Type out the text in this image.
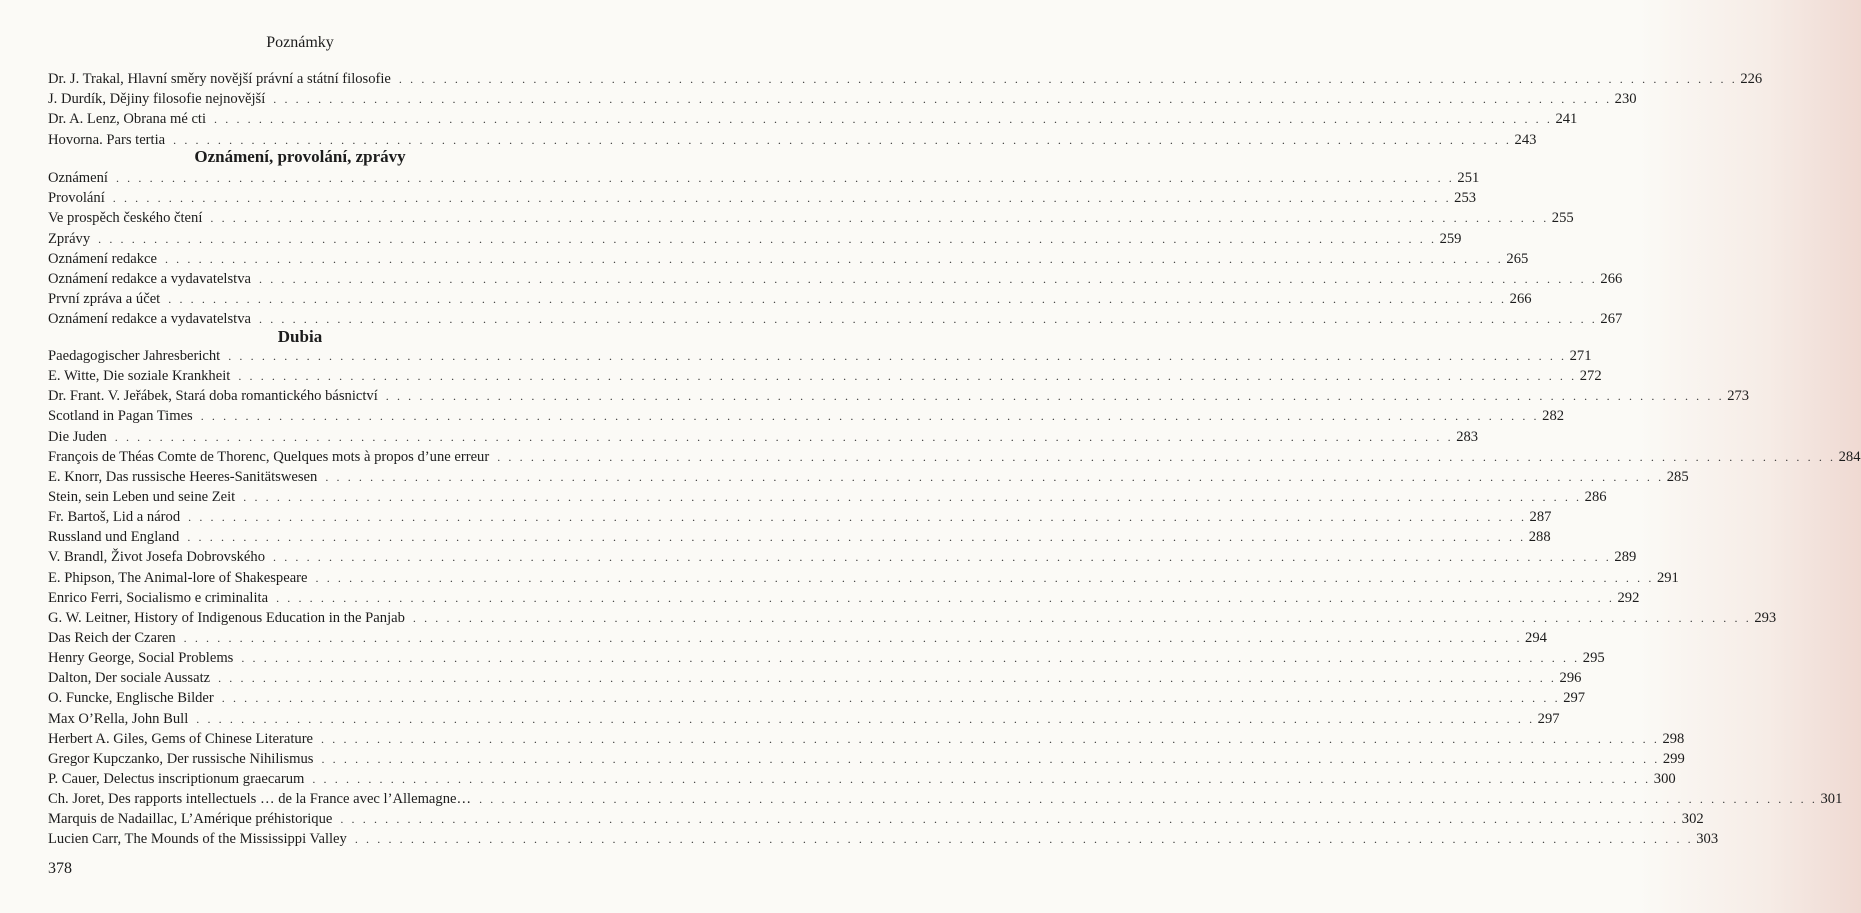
Poznámky
Dr. J. Trakal, Hlavní směry novější právní a státní filosofie . . . . . . . . . . . . . . . . . . . . . . . . . . . . . . . . . . . . . . . . . . . . . . . . . . . . . . . . . . . . . . . . . . . . . . . . . . . . . . . . . . . . . . . . . . . . . . . . . . . . . . . . . . . . . . . . . . . . . . . . 226
J. Durdík, Dějiny filosofie nejnovější . . . . . . . . . . . . . . . . . . . . . . . . . . . . . . . . . . . . . . . . . . . . . . . . . . . . . . . . . . . . . . . . . . . . . . . . . . . . . . . . . . . . . . . . . . . . . . . . . . . . . . . . . . . . . . . . . . . . . . . . 230
Dr. A. Lenz, Obrana mé cti . . . . . . . . . . . . . . . . . . . . . . . . . . . . . . . . . . . . . . . . . . . . . . . . . . . . . . . . . . . . . . . . . . . . . . . . . . . . . . . . . . . . . . . . . . . . . . . . . . . . . . . . . . . . . . . . . . . . . . . . 241
Hovorna. Pars tertia . . . . . . . . . . . . . . . . . . . . . . . . . . . . . . . . . . . . . . . . . . . . . . . . . . . . . . . . . . . . . . . . . . . . . . . . . . . . . . . . . . . . . . . . . . . . . . . . . . . . . . . . . . . . . . . . . . . . . . . . 243
Oznámení, provolání, zprávy
Oznámení . . . . . . . . . . . . . . . . . . . . . . . . . . . . . . . . . . . . . . . . . . . . . . . . . . . . . . . . . . . . . . . . . . . . . . . . . . . . . . . . . . . . . . . . . . . . . . . . . . . . . . . . . . . . . . . . . . . . . . . . 251
Provolání . . . . . . . . . . . . . . . . . . . . . . . . . . . . . . . . . . . . . . . . . . . . . . . . . . . . . . . . . . . . . . . . . . . . . . . . . . . . . . . . . . . . . . . . . . . . . . . . . . . . . . . . . . . . . . . . . . . . . . . . 253
Ve prospěch českého čtení . . . . . . . . . . . . . . . . . . . . . . . . . . . . . . . . . . . . . . . . . . . . . . . . . . . . . . . . . . . . . . . . . . . . . . . . . . . . . . . . . . . . . . . . . . . . . . . . . . . . . . . . . . . . . . . . . . . . . . . . 255
Zprávy . . . . . . . . . . . . . . . . . . . . . . . . . . . . . . . . . . . . . . . . . . . . . . . . . . . . . . . . . . . . . . . . . . . . . . . . . . . . . . . . . . . . . . . . . . . . . . . . . . . . . . . . . . . . . . . . . . . . . . . . 259
Oznámení redakce . . . . . . . . . . . . . . . . . . . . . . . . . . . . . . . . . . . . . . . . . . . . . . . . . . . . . . . . . . . . . . . . . . . . . . . . . . . . . . . . . . . . . . . . . . . . . . . . . . . . . . . . . . . . . . . . . . . . . . . . 265
Oznámení redakce a vydavatelstva . . . . . . . . . . . . . . . . . . . . . . . . . . . . . . . . . . . . . . . . . . . . . . . . . . . . . . . . . . . . . . . . . . . . . . . . . . . . . . . . . . . . . . . . . . . . . . . . . . . . . . . . . . . . . . . . . . . . . . . . 266
První zpráva a účet . . . . . . . . . . . . . . . . . . . . . . . . . . . . . . . . . . . . . . . . . . . . . . . . . . . . . . . . . . . . . . . . . . . . . . . . . . . . . . . . . . . . . . . . . . . . . . . . . . . . . . . . . . . . . . . . . . . . . . . . 266
Oznámení redakce a vydavatelstva . . . . . . . . . . . . . . . . . . . . . . . . . . . . . . . . . . . . . . . . . . . . . . . . . . . . . . . . . . . . . . . . . . . . . . . . . . . . . . . . . . . . . . . . . . . . . . . . . . . . . . . . . . . . . . . . . . . . . . . . 267
Dubia
Paedagogischer Jahresbericht . . . . . . . . . . . . . . . . . . . . . . . . . . . . . . . . . . . . . . . . . . . . . . . . . . . . . . . . . . . . . . . . . . . . . . . . . . . . . . . . . . . . . . . . . . . . . . . . . . . . . . . . . . . . . . . . . . . . . . . . 271
E. Witte, Die soziale Krankheit . . . . . . . . . . . . . . . . . . . . . . . . . . . . . . . . . . . . . . . . . . . . . . . . . . . . . . . . . . . . . . . . . . . . . . . . . . . . . . . . . . . . . . . . . . . . . . . . . . . . . . . . . . . . . . . . . . . . . . . . 272
Dr. Frant. V. Jeřábek, Stará doba romantického básnictví . . . . . . . . . . . . . . . . . . . . . . . . . . . . . . . . . . . . . . . . . . . . . . . . . . . . . . . . . . . . . . . . . . . . . . . . . . . . . . . . . . . . . . . . . . . . . . . . . . . . . . . . . . . . . . . . . . . . . . . . 273
Scotland in Pagan Times . . . . . . . . . . . . . . . . . . . . . . . . . . . . . . . . . . . . . . . . . . . . . . . . . . . . . . . . . . . . . . . . . . . . . . . . . . . . . . . . . . . . . . . . . . . . . . . . . . . . . . . . . . . . . . . . . . . . . . . . 282
Die Juden . . . . . . . . . . . . . . . . . . . . . . . . . . . . . . . . . . . . . . . . . . . . . . . . . . . . . . . . . . . . . . . . . . . . . . . . . . . . . . . . . . . . . . . . . . . . . . . . . . . . . . . . . . . . . . . . . . . . . . . . 283
François de Théas Comte de Thorenc, Quelques mots à propos d’une erreur . . . . . . . . . . . . . . . . . . . . . . . . . . . . . . . . . . . . . . . . . . . . . . . . . . . . . . . . . . . . . . . . . . . . . . . . . . . . . . . . . . . . . . . . . . . . . . . . . . . . . . . . . . . . . . . . . . . . . . . . 284
E. Knorr, Das russische Heeres-Sanitätswesen . . . . . . . . . . . . . . . . . . . . . . . . . . . . . . . . . . . . . . . . . . . . . . . . . . . . . . . . . . . . . . . . . . . . . . . . . . . . . . . . . . . . . . . . . . . . . . . . . . . . . . . . . . . . . . . . . . . . . . . . 285
Stein, sein Leben und seine Zeit . . . . . . . . . . . . . . . . . . . . . . . . . . . . . . . . . . . . . . . . . . . . . . . . . . . . . . . . . . . . . . . . . . . . . . . . . . . . . . . . . . . . . . . . . . . . . . . . . . . . . . . . . . . . . . . . . . . . . . . . 286
Fr. Bartoš, Lid a národ . . . . . . . . . . . . . . . . . . . . . . . . . . . . . . . . . . . . . . . . . . . . . . . . . . . . . . . . . . . . . . . . . . . . . . . . . . . . . . . . . . . . . . . . . . . . . . . . . . . . . . . . . . . . . . . . . . . . . . . . 287
Russland und England . . . . . . . . . . . . . . . . . . . . . . . . . . . . . . . . . . . . . . . . . . . . . . . . . . . . . . . . . . . . . . . . . . . . . . . . . . . . . . . . . . . . . . . . . . . . . . . . . . . . . . . . . . . . . . . . . . . . . . . . 288
V. Brandl, Život Josefa Dobrovského . . . . . . . . . . . . . . . . . . . . . . . . . . . . . . . . . . . . . . . . . . . . . . . . . . . . . . . . . . . . . . . . . . . . . . . . . . . . . . . . . . . . . . . . . . . . . . . . . . . . . . . . . . . . . . . . . . . . . . . . 289
E. Phipson, The Animal-lore of Shakespeare . . . . . . . . . . . . . . . . . . . . . . . . . . . . . . . . . . . . . . . . . . . . . . . . . . . . . . . . . . . . . . . . . . . . . . . . . . . . . . . . . . . . . . . . . . . . . . . . . . . . . . . . . . . . . . . . . . . . . . . . 291
Enrico Ferri, Socialismo e criminalita . . . . . . . . . . . . . . . . . . . . . . . . . . . . . . . . . . . . . . . . . . . . . . . . . . . . . . . . . . . . . . . . . . . . . . . . . . . . . . . . . . . . . . . . . . . . . . . . . . . . . . . . . . . . . . . . . . . . . . . . 292
G. W. Leitner, History of Indigenous Education in the Panjab . . . . . . . . . . . . . . . . . . . . . . . . . . . . . . . . . . . . . . . . . . . . . . . . . . . . . . . . . . . . . . . . . . . . . . . . . . . . . . . . . . . . . . . . . . . . . . . . . . . . . . . . . . . . . . . . . . . . . . . . 293
Das Reich der Czaren . . . . . . . . . . . . . . . . . . . . . . . . . . . . . . . . . . . . . . . . . . . . . . . . . . . . . . . . . . . . . . . . . . . . . . . . . . . . . . . . . . . . . . . . . . . . . . . . . . . . . . . . . . . . . . . . . . . . . . . . 294
Henry George, Social Problems . . . . . . . . . . . . . . . . . . . . . . . . . . . . . . . . . . . . . . . . . . . . . . . . . . . . . . . . . . . . . . . . . . . . . . . . . . . . . . . . . . . . . . . . . . . . . . . . . . . . . . . . . . . . . . . . . . . . . . . . 295
Dalton, Der sociale Aussatz . . . . . . . . . . . . . . . . . . . . . . . . . . . . . . . . . . . . . . . . . . . . . . . . . . . . . . . . . . . . . . . . . . . . . . . . . . . . . . . . . . . . . . . . . . . . . . . . . . . . . . . . . . . . . . . . . . . . . . . . 296
O. Funcke, Englische Bilder . . . . . . . . . . . . . . . . . . . . . . . . . . . . . . . . . . . . . . . . . . . . . . . . . . . . . . . . . . . . . . . . . . . . . . . . . . . . . . . . . . . . . . . . . . . . . . . . . . . . . . . . . . . . . . . . . . . . . . . . 297
Max O’Rella, John Bull . . . . . . . . . . . . . . . . . . . . . . . . . . . . . . . . . . . . . . . . . . . . . . . . . . . . . . . . . . . . . . . . . . . . . . . . . . . . . . . . . . . . . . . . . . . . . . . . . . . . . . . . . . . . . . . . . . . . . . . . 297
Herbert A. Giles, Gems of Chinese Literature . . . . . . . . . . . . . . . . . . . . . . . . . . . . . . . . . . . . . . . . . . . . . . . . . . . . . . . . . . . . . . . . . . . . . . . . . . . . . . . . . . . . . . . . . . . . . . . . . . . . . . . . . . . . . . . . . . . . . . . . 298
Gregor Kupczanko, Der russische Nihilismus . . . . . . . . . . . . . . . . . . . . . . . . . . . . . . . . . . . . . . . . . . . . . . . . . . . . . . . . . . . . . . . . . . . . . . . . . . . . . . . . . . . . . . . . . . . . . . . . . . . . . . . . . . . . . . . . . . . . . . . . 299
P. Cauer, Delectus inscriptionum graecarum . . . . . . . . . . . . . . . . . . . . . . . . . . . . . . . . . . . . . . . . . . . . . . . . . . . . . . . . . . . . . . . . . . . . . . . . . . . . . . . . . . . . . . . . . . . . . . . . . . . . . . . . . . . . . . . . . . . . . . . . 300
Ch. Joret, Des rapports intellectuels … de la France avec l’Allemagne… . . . . . . . . . . . . . . . . . . . . . . . . . . . . . . . . . . . . . . . . . . . . . . . . . . . . . . . . . . . . . . . . . . . . . . . . . . . . . . . . . . . . . . . . . . . . . . . . . . . . . . . . . . . . . . . . . . . . . . . . 301
Marquis de Nadaillac, L’Amérique préhistorique . . . . . . . . . . . . . . . . . . . . . . . . . . . . . . . . . . . . . . . . . . . . . . . . . . . . . . . . . . . . . . . . . . . . . . . . . . . . . . . . . . . . . . . . . . . . . . . . . . . . . . . . . . . . . . . . . . . . . . . . 302
Lucien Carr, The Mounds of the Mississippi Valley . . . . . . . . . . . . . . . . . . . . . . . . . . . . . . . . . . . . . . . . . . . . . . . . . . . . . . . . . . . . . . . . . . . . . . . . . . . . . . . . . . . . . . . . . . . . . . . . . . . . . . . . . . . . . . . . . . . . . . . . 303
378
